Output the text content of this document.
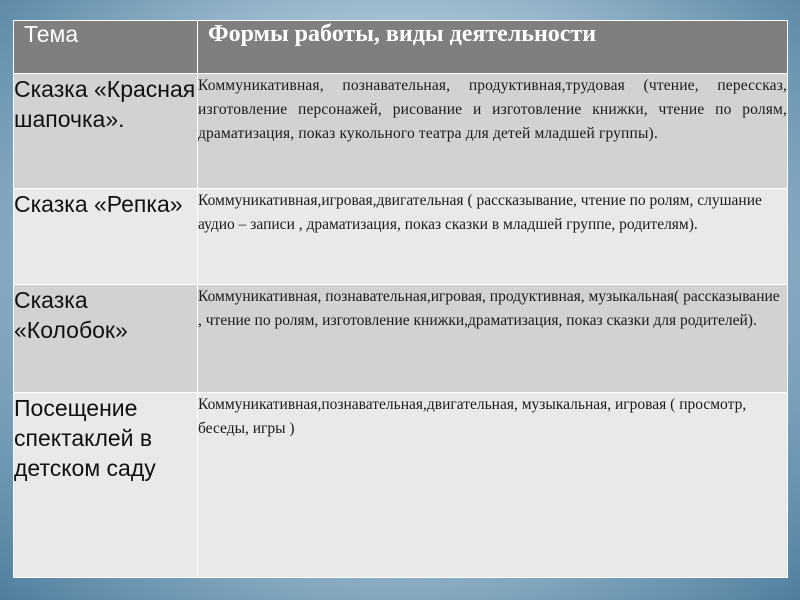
Тема	Формы работы, виды деятельности
Сказка «Красная шапочка».	Коммуникативная, познавательная, продуктивная,трудовая (чтение, перессказ, изготовление персонажей, рисование и изготовление книжки, чтение по ролям, драматизация, показ кукольного театра для детей младшей группы).
Сказка «Репка»	Коммуникативная,игровая,двигательная ( рассказывание, чтение по ролям, слушание аудио – записи , драматизация, показ сказки в младшей группе, родителям).
Сказка «Колобок»	Коммуникативная, познавательная,игровая, продуктивная, музыкальная( рассказывание , чтение по ролям, изготовление книжки,драматизация, показ сказки для родителей).
Посещение спектаклей в детском саду	Коммуникативная,познавательная,двигательная, музыкальная, игровая ( просмотр, беседы, игры )
